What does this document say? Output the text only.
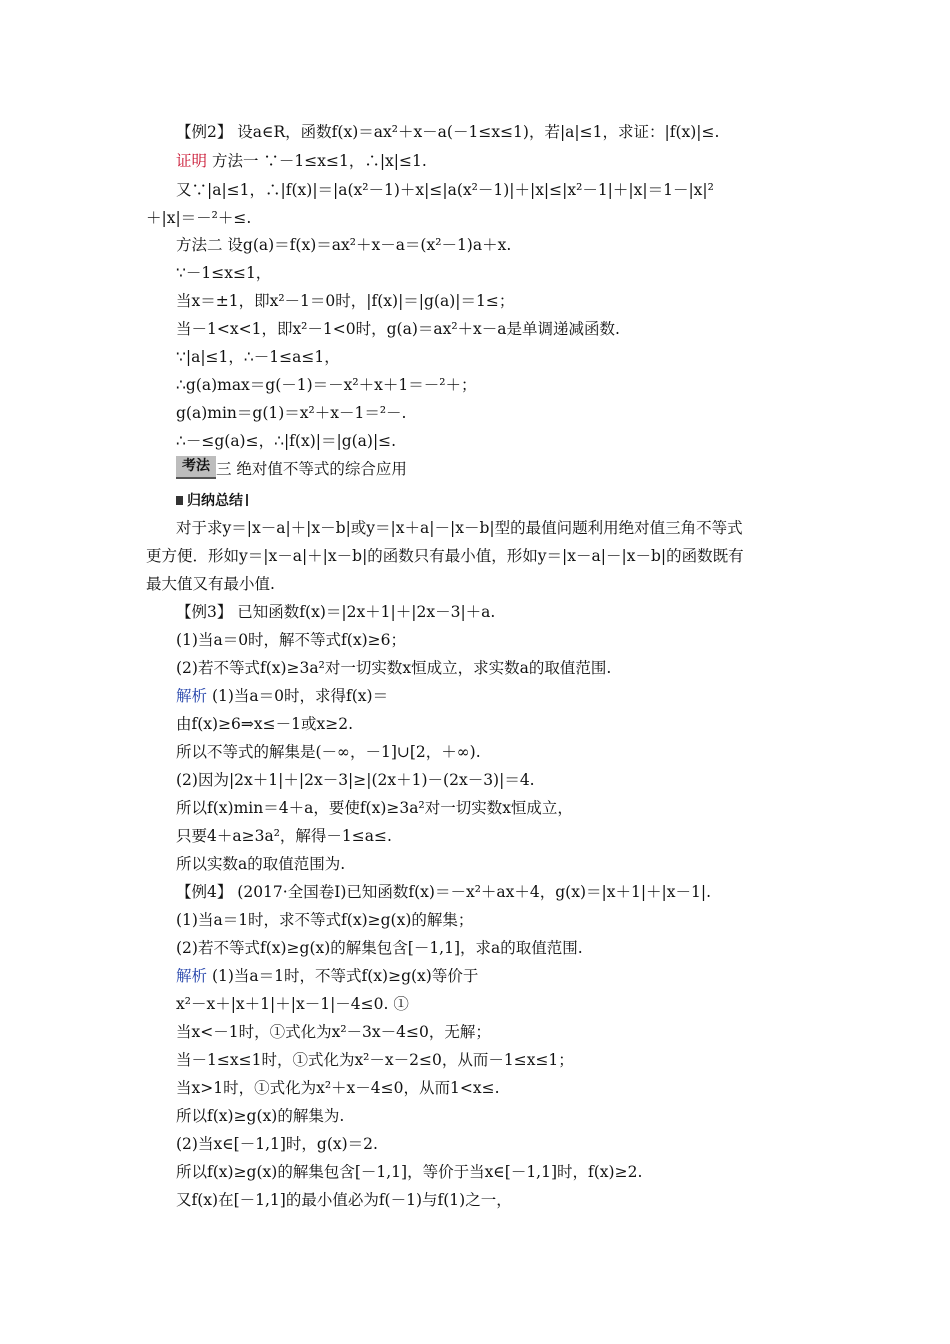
【例2】 设a∈R，函数f(x)＝ax²＋x－a(－1≤x≤1)，若|a|≤1，求证：|f(x)|≤.
证明 方法一 ∵－1≤x≤1，∴|x|≤1.
又∵|a|≤1，∴|f(x)|＝|a(x²－1)＋x|≤|a(x²－1)|＋|x|≤|x²－1|＋|x|＝1－|x|²
＋|x|＝－²＋≤.
方法二 设g(a)＝f(x)＝ax²＋x－a＝(x²－1)a＋x.
∵－1≤x≤1，
当x＝±1，即x²－1＝0时，|f(x)|＝|g(a)|＝1≤；
当－1<x<1，即x²－1<0时，g(a)＝ax²＋x－a是单调递减函数.
∵|a|≤1，∴－1≤a≤1，
∴g(a)max＝g(－1)＝－x²＋x＋1＝－²＋；
g(a)min＝g(1)＝x²＋x－1＝²－.
∴－≤g(a)≤，∴|f(x)|＝|g(a)|≤.
考法 三 绝对值不等式的综合应用
归纳总结
对于求y＝|x－a|＋|x－b|或y＝|x＋a|－|x－b|型的最值问题利用绝对值三角不等式
更方便．形如y＝|x－a|＋|x－b|的函数只有最小值，形如y＝|x－a|－|x－b|的函数既有
最大值又有最小值.
【例3】 已知函数f(x)＝|2x＋1|＋|2x－3|＋a.
(1)当a＝0时，解不等式f(x)≥6；
(2)若不等式f(x)≥3a²对一切实数x恒成立，求实数a的取值范围.
解析 (1)当a＝0时，求得f(x)＝
由f(x)≥6⇒x≤－1或x≥2.
所以不等式的解集是(－∞，－1]∪[2，＋∞).
(2)因为|2x＋1|＋|2x－3|≥|(2x＋1)－(2x－3)|＝4.
所以f(x)min＝4＋a，要使f(x)≥3a²对一切实数x恒成立，
只要4＋a≥3a²，解得－1≤a≤.
所以实数a的取值范围为.
【例4】 (2017·全国卷Ⅰ)已知函数f(x)＝－x²＋ax＋4，g(x)＝|x＋1|＋|x－1|.
(1)当a＝1时，求不等式f(x)≥g(x)的解集；
(2)若不等式f(x)≥g(x)的解集包含[－1,1]，求a的取值范围.
解析 (1)当a＝1时，不等式f(x)≥g(x)等价于
x²－x＋|x＋1|＋|x－1|－4≤0. ①
当x<－1时，①式化为x²－3x－4≤0，无解；
当－1≤x≤1时，①式化为x²－x－2≤0，从而－1≤x≤1；
当x>1时，①式化为x²＋x－4≤0，从而1<x≤.
所以f(x)≥g(x)的解集为.
(2)当x∈[－1,1]时，g(x)＝2.
所以f(x)≥g(x)的解集包含[－1,1]，等价于当x∈[－1,1]时，f(x)≥2.
又f(x)在[－1,1]的最小值必为f(－1)与f(1)之一，
